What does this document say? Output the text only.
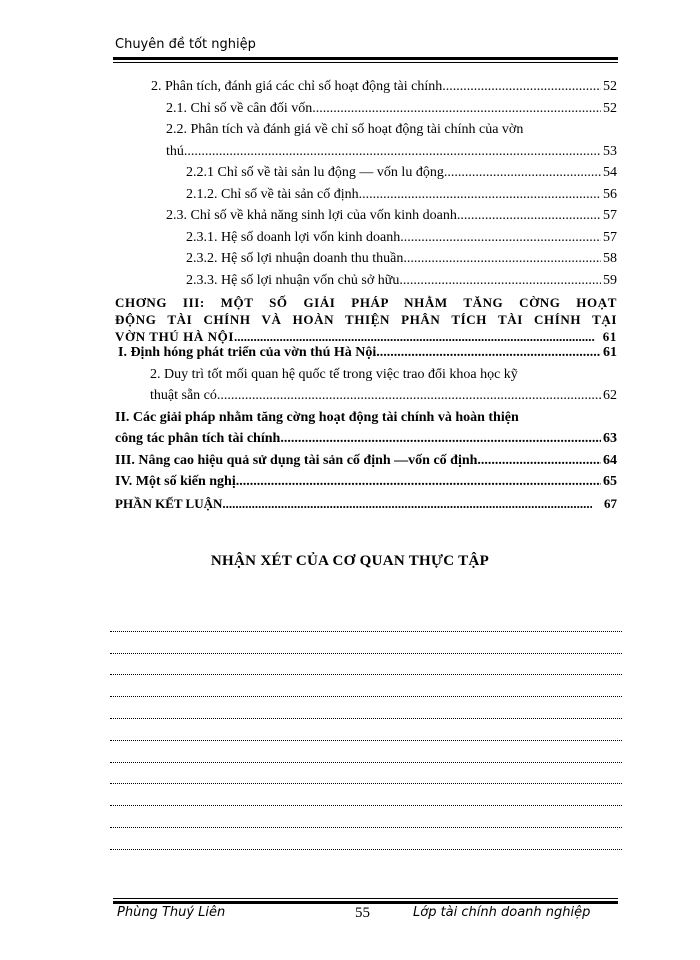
Chuyên đề tốt nghiệp
2. Phân tích, đánh giá các chỉ số hoạt động tài chính .....	52
2.1. Chỉ số về cân đối vốn .....	52
2.2. Phân tích và đánh giá về chỉ số hoạt động tài chính của vờn
thú .....	53
2.2.1 Chỉ số về tài sản lu động — vốn lu động .....	54
2.1.2. Chỉ số về tài sản cố định .....	56
2.3. Chỉ số về khả năng sinh lợi của vốn kinh doanh .....	57
2.3.1. Hệ số doanh lợi vốn kinh doanh .....	57
2.3.2. Hệ số lợi nhuận doanh thu thuần .....	58
2.3.3. Hệ số lợi nhuận vốn chủ sở hữu .....	59
CHƠNG III: MỘT SỐ GIẢI PHÁP NHẰM TĂNG CỜNG HOẠT
ĐỘNG TÀI CHÍNH VÀ HOÀN THIỆN PHÂN TÍCH TÀI CHÍNH TẠI
VỜN THÚ HÀ NỘI .....	61
I. Định hóng phát triển của vờn thú Hà Nội .....	61
2. Duy trì tốt mối quan hệ quốc tế trong việc trao đổi khoa học kỹ
thuật sẵn có .....	62
II. Các giải pháp nhằm tăng cờng hoạt động tài chính và hoàn thiện
công tác phân tích tài chính .....	63
III. Nâng cao hiệu quả sử dụng tài sản cố định —vốn cố định .....	64
IV. Một số kiến nghị .....	65
PHẦN KẾT LUẬN .....	67
NHẬN XÉT CỦA CƠ QUAN THỰC TẬP
Phùng Thuý Liên	55	Lớp tài chính doanh nghiệp
